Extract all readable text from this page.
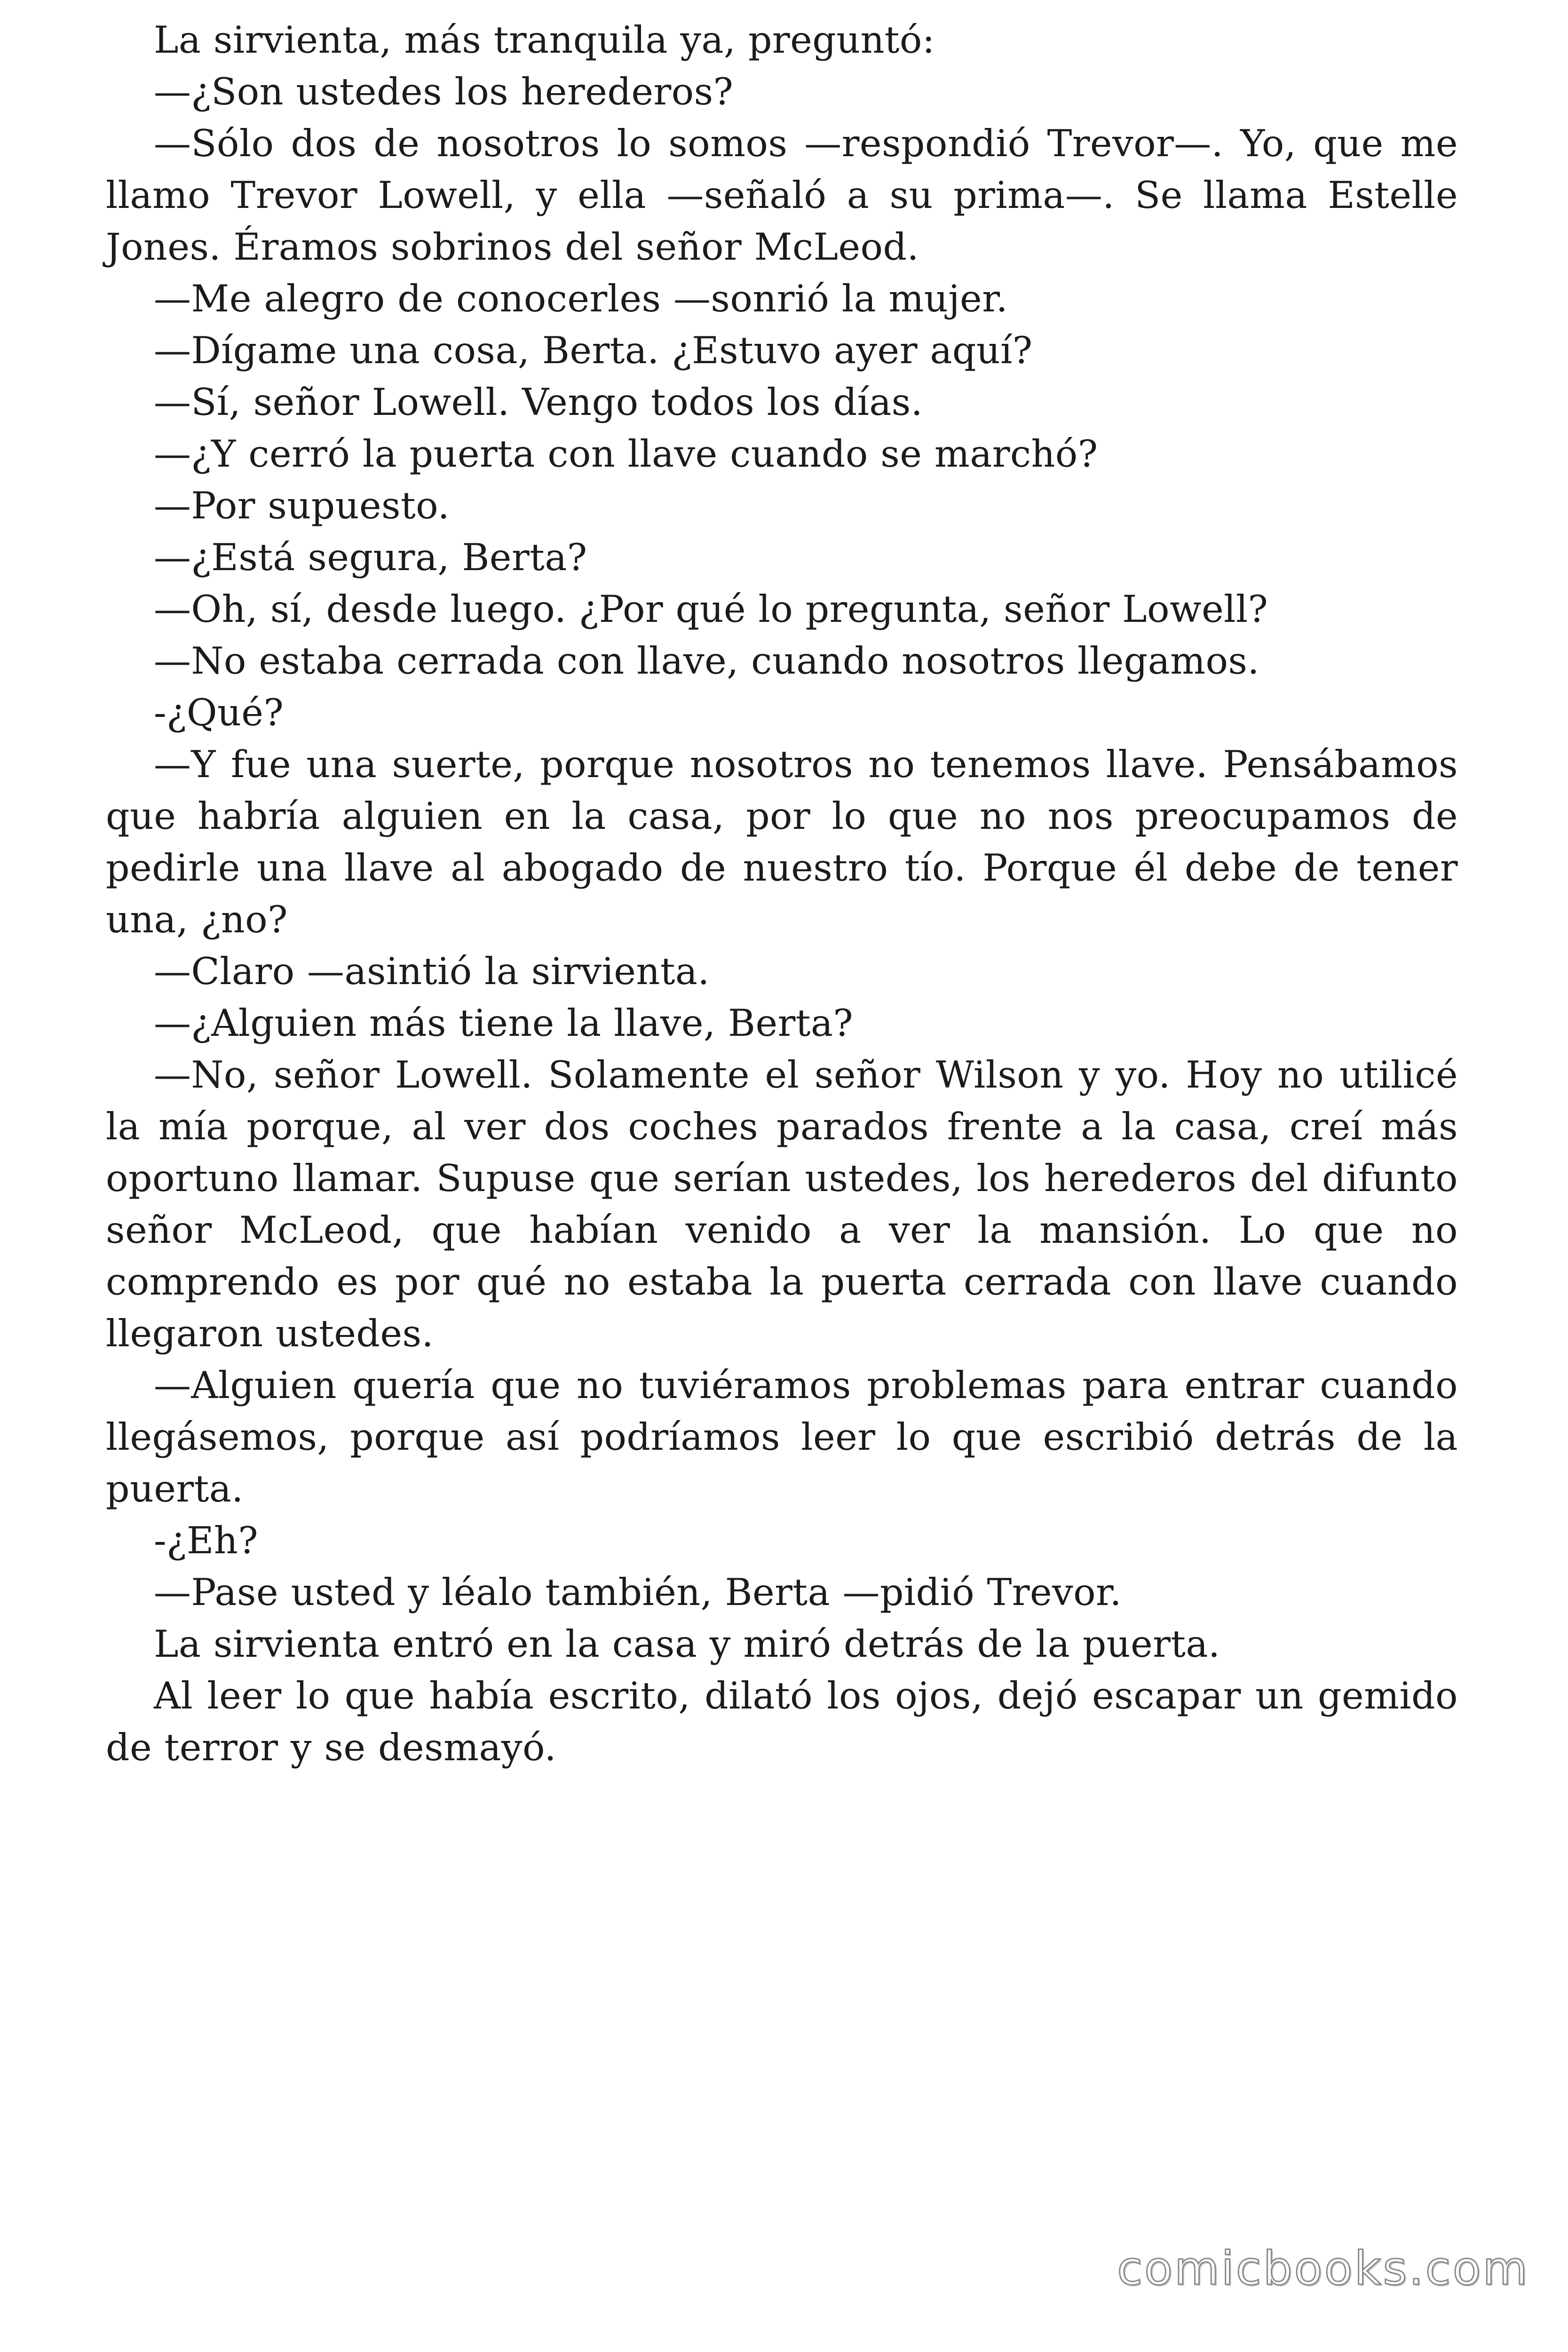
La sirvienta, más tranquila ya, preguntó:

—¿Son ustedes los herederos?

—Sólo dos de nosotros lo somos —respondió Trevor—. Yo, que me llamo Trevor Lowell, y ella —señaló a su prima—. Se llama Estelle Jones. Éramos sobrinos del señor McLeod.

—Me alegro de conocerles —sonrió la mujer.

—Dígame una cosa, Berta. ¿Estuvo ayer aquí?

—Sí, señor Lowell. Vengo todos los días.

—¿Y cerró la puerta con llave cuando se marchó?

—Por supuesto.

—¿Está segura, Berta?

—Oh, sí, desde luego. ¿Por qué lo pregunta, señor Lowell?

—No estaba cerrada con llave, cuando nosotros llegamos.

-¿Qué?

—Y fue una suerte, porque nosotros no tenemos llave. Pensábamos que habría alguien en la casa, por lo que no nos preocupamos de pedirle una llave al abogado de nuestro tío. Porque él debe de tener una, ¿no?

—Claro —asintió la sirvienta.

—¿Alguien más tiene la llave, Berta?

—No, señor Lowell. Solamente el señor Wilson y yo. Hoy no utilicé la mía porque, al ver dos coches parados frente a la casa, creí más oportuno llamar. Supuse que serían ustedes, los herederos del difunto señor McLeod, que habían venido a ver la mansión. Lo que no comprendo es por qué no estaba la puerta cerrada con llave cuando llegaron ustedes.

—Alguien quería que no tuviéramos problemas para entrar cuando llegásemos, porque así podríamos leer lo que escribió detrás de la puerta.

-¿Eh?

—Pase usted y léalo también, Berta —pidió Trevor.

La sirvienta entró en la casa y miró detrás de la puerta.

Al leer lo que había escrito, dilató los ojos, dejó escapar un gemido de terror y se desmayó.

comicbooks.com
